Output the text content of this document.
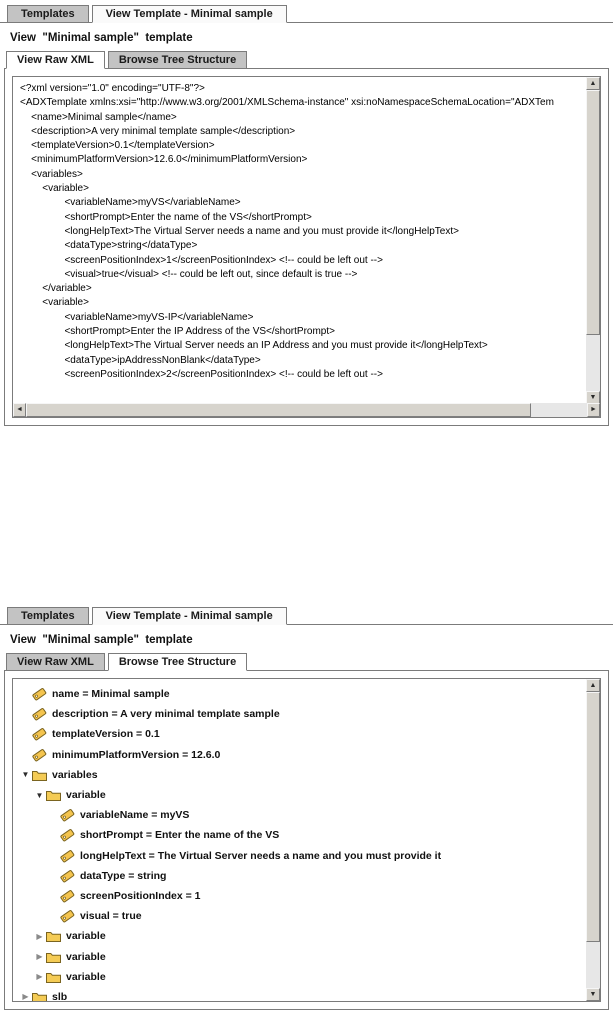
Templates	View Template - Minimal sample
View  "Minimal sample"  template
View Raw XML	Browse Tree Structure
<?xml version="1.0" encoding="UTF-8"?>
<ADXTemplate xmlns:xsi="http://www.w3.org/2001/XMLSchema-instance" xsi:noNamespaceSchemaLocation="ADXTem
<name>Minimal sample</name>
<description>A very minimal template sample</description>
<templateVersion>0.1</templateVersion>
<minimumPlatformVersion>12.6.0</minimumPlatformVersion>
<variables>
<variable>
<variableName>myVS</variableName>
<shortPrompt>Enter the name of the VS</shortPrompt>
<longHelpText>The Virtual Server needs a name and you must provide it</longHelpText>
<dataType>string</dataType>
<screenPositionIndex>1</screenPositionIndex> <!-- could be left out -->
<visual>true</visual> <!-- could be left out, since default is true -->
</variable>
<variable>
<variableName>myVS-IP</variableName>
<shortPrompt>Enter the IP Address of the VS</shortPrompt>
<longHelpText>The Virtual Server needs an IP Address and you must provide it</longHelpText>
<dataType>ipAddressNonBlank</dataType>
<screenPositionIndex>2</screenPositionIndex> <!-- could be left out -->
▲
▼
◄	►
Templates	View Template - Minimal sample
View  "Minimal sample"  template
View Raw XML	Browse Tree Structure
name = Minimal sample
description = A very minimal template sample
templateVersion = 0.1
minimumPlatformVersion = 12.6.0
▼ variables
▼ variable
variableName = myVS
shortPrompt = Enter the name of the VS
longHelpText = The Virtual Server needs a name and you must provide it
dataType = string
screenPositionIndex = 1
visual = true
▶	variable
▶	variable
▶	variable
▶	slb
▲
▼
